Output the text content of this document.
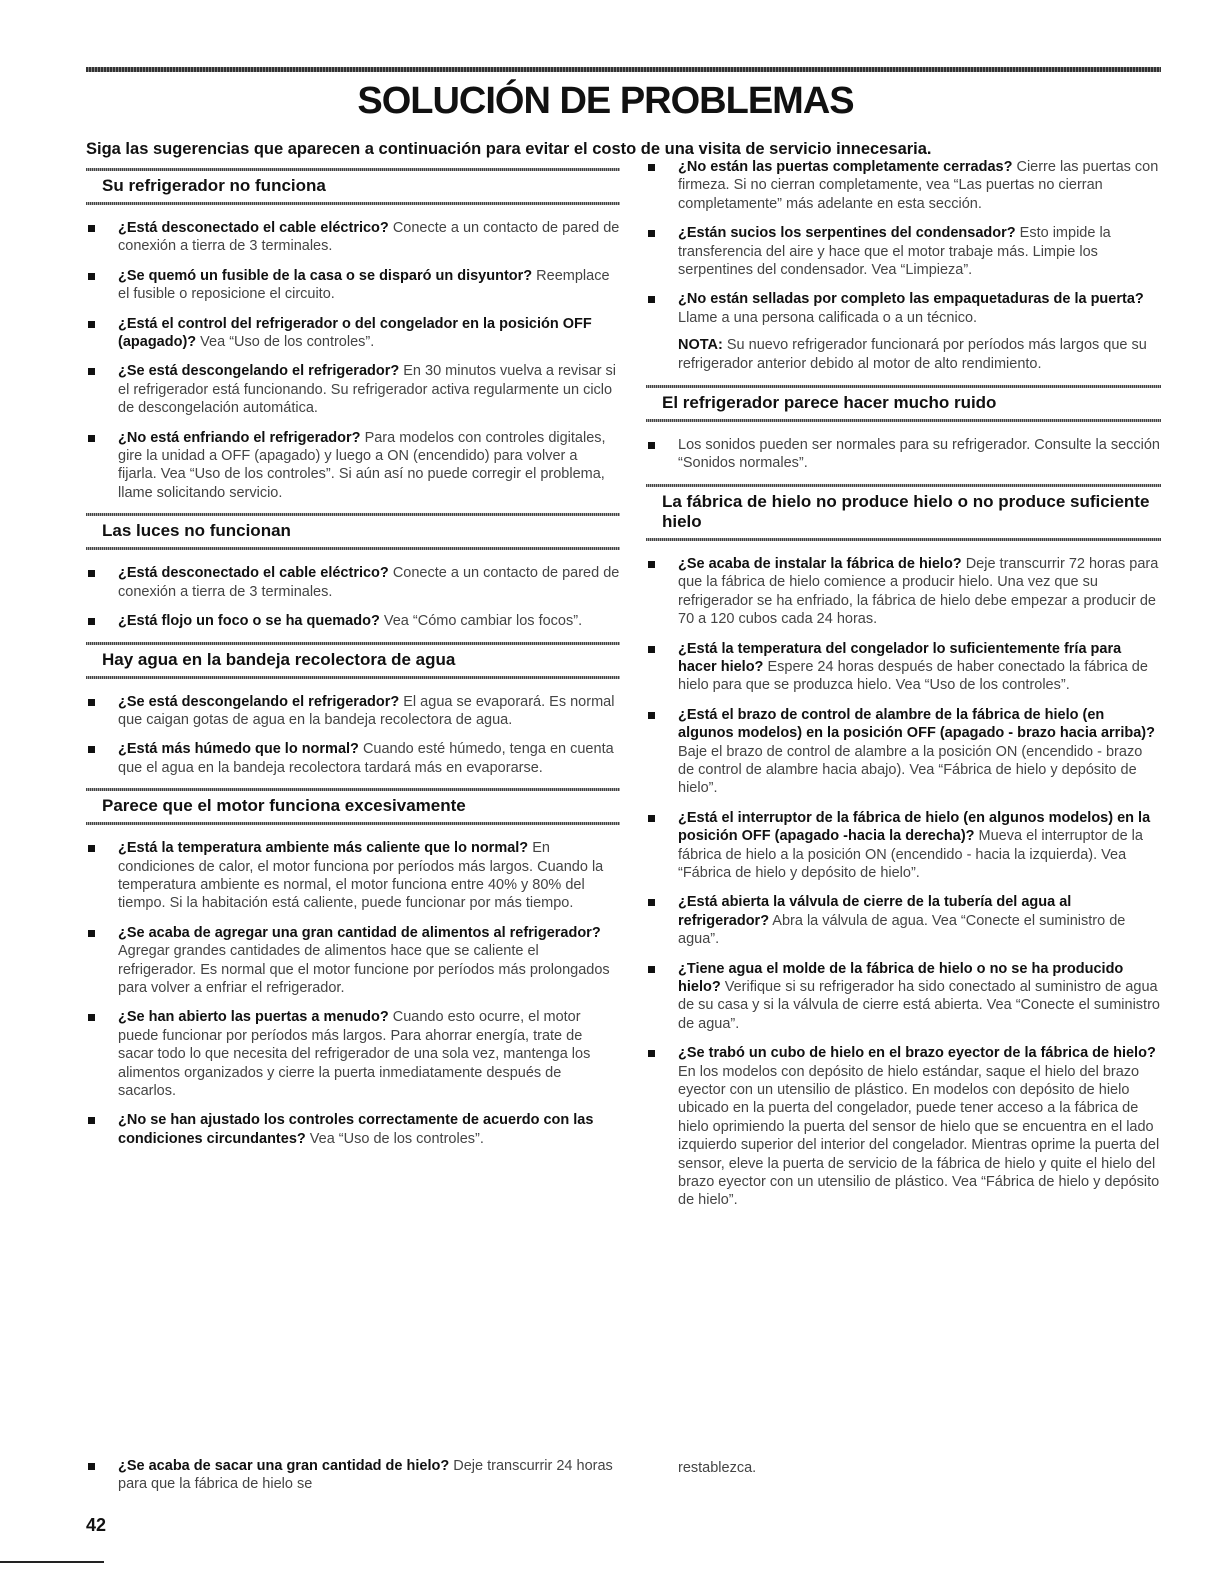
SOLUCIÓN DE PROBLEMAS
Siga las sugerencias que aparecen a continuación para evitar el costo de una visita de servicio innecesaria.
Su refrigerador no funciona
¿Está desconectado el cable eléctrico? Conecte a un contacto de pared de conexión a tierra de 3 terminales.
¿Se quemó un fusible de la casa o se disparó un disyuntor? Reemplace el fusible o reposicione el circuito.
¿Está el control del refrigerador o del congelador en la posición OFF (apagado)? Vea “Uso de los controles”.
¿Se está descongelando el refrigerador? En 30 minutos vuelva a revisar si el refrigerador está funcionando. Su refrigerador activa regularmente un ciclo de descongelación automática.
¿No está enfriando el refrigerador? Para modelos con controles digitales, gire la unidad a OFF (apagado) y luego a ON (encendido) para volver a fijarla. Vea “Uso de los controles”. Si aún así no puede corregir el problema, llame solicitando servicio.
Las luces no funcionan
¿Está desconectado el cable eléctrico? Conecte a un contacto de pared de conexión a tierra de 3 terminales.
¿Está flojo un foco o se ha quemado? Vea “Cómo cambiar los focos”.
Hay agua en la bandeja recolectora de agua
¿Se está descongelando el refrigerador? El agua se evaporará. Es normal que caigan gotas de agua en la bandeja recolectora de agua.
¿Está más húmedo que lo normal? Cuando esté húmedo, tenga en cuenta que el agua en la bandeja recolectora tardará más en evaporarse.
Parece que el motor funciona excesivamente
¿Está la temperatura ambiente más caliente que lo normal? En condiciones de calor, el motor funciona por períodos más largos. Cuando la temperatura ambiente es normal, el motor funciona entre 40% y 80% del tiempo. Si la habitación está caliente, puede funcionar por más tiempo.
¿Se acaba de agregar una gran cantidad de alimentos al refrigerador? Agregar grandes cantidades de alimentos hace que se caliente el refrigerador. Es normal que el motor funcione por períodos más prolongados para volver a enfriar el refrigerador.
¿Se han abierto las puertas a menudo? Cuando esto ocurre, el motor puede funcionar por períodos más largos. Para ahorrar energía, trate de sacar todo lo que necesita del refrigerador de una sola vez, mantenga los alimentos organizados y cierre la puerta inmediatamente después de sacarlos.
¿No se han ajustado los controles correctamente de acuerdo con las condiciones circundantes? Vea “Uso de los controles”.
¿No están las puertas completamente cerradas? Cierre las puertas con firmeza. Si no cierran completamente, vea “Las puertas no cierran completamente” más adelante en esta sección.
¿Están sucios los serpentines del condensador? Esto impide la transferencia del aire y hace que el motor trabaje más. Limpie los serpentines del condensador. Vea “Limpieza”.
¿No están selladas por completo las empaquetaduras de la puerta? Llame a una persona calificada o a un técnico.
NOTA: Su nuevo refrigerador funcionará por períodos más largos que su refrigerador anterior debido al motor de alto rendimiento.
El refrigerador parece hacer mucho ruido
Los sonidos pueden ser normales para su refrigerador. Consulte la sección “Sonidos normales”.
La fábrica de hielo no produce hielo o no produce suficiente hielo
¿Se acaba de instalar la fábrica de hielo? Deje transcurrir 72 horas para que la fábrica de hielo comience a producir hielo. Una vez que su refrigerador se ha enfriado, la fábrica de hielo debe empezar a producir de 70 a 120 cubos cada 24 horas.
¿Está la temperatura del congelador lo suficientemente fría para hacer hielo? Espere 24 horas después de haber conectado la fábrica de hielo para que se produzca hielo. Vea “Uso de los controles”.
¿Está el brazo de control de alambre de la fábrica de hielo (en algunos modelos) en la posición OFF (apagado - brazo hacia arriba)? Baje el brazo de control de alambre a la posición ON (encendido - brazo de control de alambre hacia abajo). Vea “Fábrica de hielo y depósito de hielo”.
¿Está el interruptor de la fábrica de hielo (en algunos modelos) en la posición OFF (apagado -hacia la derecha)? Mueva el interruptor de la fábrica de hielo a la posición ON (encendido - hacia la izquierda). Vea “Fábrica de hielo y depósito de hielo”.
¿Está abierta la válvula de cierre de la tubería del agua al refrigerador? Abra la válvula de agua. Vea “Conecte el suministro de agua”.
¿Tiene agua el molde de la fábrica de hielo o no se ha producido hielo? Verifique si su refrigerador ha sido conectado al suministro de agua de su casa y si la válvula de cierre está abierta. Vea “Conecte el suministro de agua”.
¿Se trabó un cubo de hielo en el brazo eyector de la fábrica de hielo? En los modelos con depósito de hielo estándar, saque el hielo del brazo eyector con un utensilio de plástico. En modelos con depósito de hielo ubicado en la puerta del congelador, puede tener acceso a la fábrica de hielo oprimiendo la puerta del sensor de hielo que se encuentra en el lado izquierdo superior del interior del congelador. Mientras oprime la puerta del sensor, eleve la puerta de servicio de la fábrica de hielo y quite el hielo del brazo eyector con un utensilio de plástico. Vea “Fábrica de hielo y depósito de hielo”.
¿Se acaba de sacar una gran cantidad de hielo? Deje transcurrir 24 horas para que la fábrica de hielo se
restablezca.
42
